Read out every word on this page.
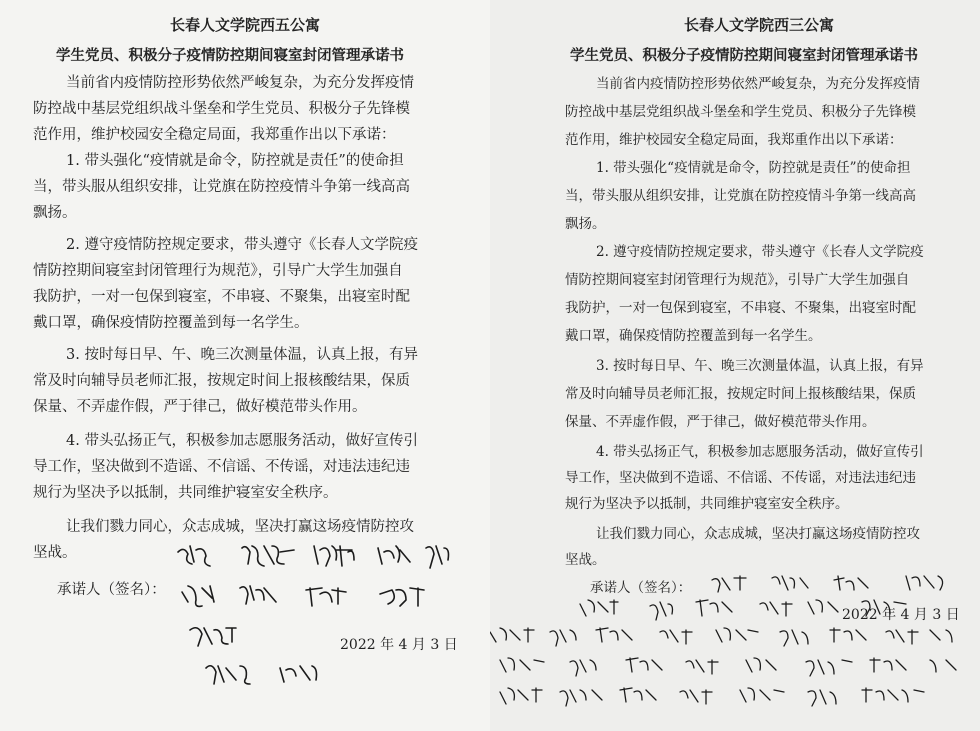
长春人文学院西五公寓
学生党员、积极分子疫情防控期间寝室封闭管理承诺书
当前省内疫情防控形势依然严峻复杂，为充分发挥疫情
防控战中基层党组织战斗堡垒和学生党员、积极分子先锋模
范作用，维护校园安全稳定局面，我郑重作出以下承诺：
1. 带头强化“疫情就是命令，防控就是责任”的使命担
当，带头服从组织安排，让党旗在防控疫情斗争第一线高高
飘扬。
2. 遵守疫情防控规定要求，带头遵守《长春人文学院疫
情防控期间寝室封闭管理行为规范》，引导广大学生加强自
我防护，一对一包保到寝室，不串寝、不聚集，出寝室时配
戴口罩，确保疫情防控覆盖到每一名学生。
3. 按时每日早、午、晚三次测量体温，认真上报，有异
常及时向辅导员老师汇报，按规定时间上报核酸结果，保质
保量、不弄虚作假，严于律己，做好模范带头作用。
4. 带头弘扬正气，积极参加志愿服务活动，做好宣传引
导工作，坚决做到不造谣、不信谣、不传谣，对违法违纪违
规行为坚决予以抵制，共同维护寝室安全秩序。
让我们戮力同心，众志成城，坚决打赢这场疫情防控攻
坚战。
承诺人（签名）：
2022 年 4 月 3 日
长春人文学院西三公寓
学生党员、积极分子疫情防控期间寝室封闭管理承诺书
当前省内疫情防控形势依然严峻复杂，为充分发挥疫情
防控战中基层党组织战斗堡垒和学生党员、积极分子先锋模
范作用，维护校园安全稳定局面，我郑重作出以下承诺：
1. 带头强化“疫情就是命令，防控就是责任”的使命担
当，带头服从组织安排，让党旗在防控疫情斗争第一线高高
飘扬。
2. 遵守疫情防控规定要求，带头遵守《长春人文学院疫
情防控期间寝室封闭管理行为规范》，引导广大学生加强自
我防护，一对一包保到寝室，不串寝、不聚集，出寝室时配
戴口罩，确保疫情防控覆盖到每一名学生。
3. 按时每日早、午、晚三次测量体温，认真上报，有异
常及时向辅导员老师汇报，按规定时间上报核酸结果，保质
保量、不弄虚作假，严于律己，做好模范带头作用。
4. 带头弘扬正气，积极参加志愿服务活动，做好宣传引
导工作，坚决做到不造谣、不信谣、不传谣，对违法违纪违
规行为坚决予以抵制，共同维护寝室安全秩序。
让我们戮力同心，众志成城，坚决打赢这场疫情防控攻
坚战。
承诺人（签名）：
2022 年 4 月 3 日
